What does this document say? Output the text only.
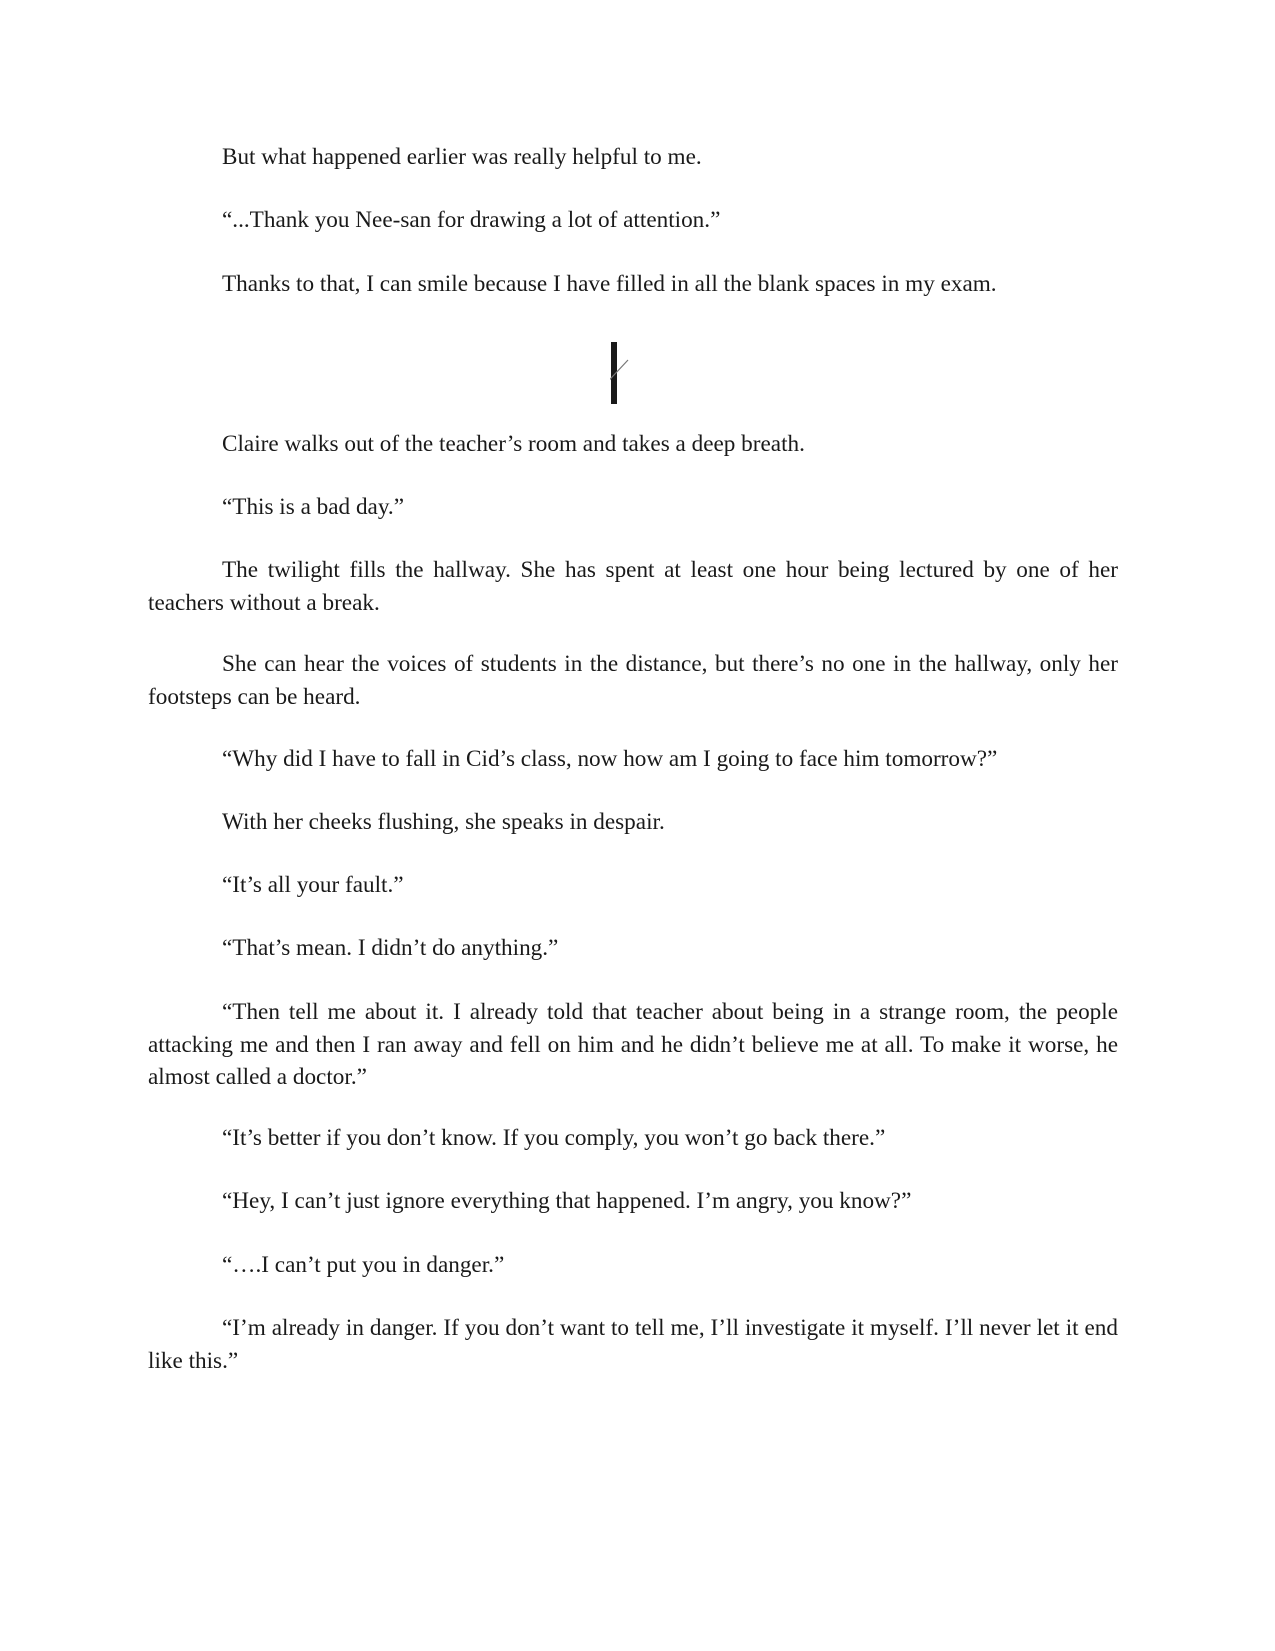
But what happened earlier was really helpful to me.

“...Thank you Nee-san for drawing a lot of attention.”

Thanks to that, I can smile because I have filled in all the blank spaces in my exam.

Claire walks out of the teacher’s room and takes a deep breath.

“This is a bad day.”

The twilight fills the hallway. She has spent at least one hour being lectured by one of her teachers without a break.

She can hear the voices of students in the distance, but there’s no one in the hallway, only her footsteps can be heard.

“Why did I have to fall in Cid’s class, now how am I going to face him tomorrow?”

With her cheeks flushing, she speaks in despair.

“It’s all your fault.”

“That’s mean. I didn’t do anything.”

“Then tell me about it. I already told that teacher about being in a strange room, the people attacking me and then I ran away and fell on him and he didn’t believe me at all. To make it worse, he almost called a doctor.”

“It’s better if you don’t know. If you comply, you won’t go back there.”

“Hey, I can’t just ignore everything that happened. I’m angry, you know?”

“….I can’t put you in danger.”

“I’m already in danger. If you don’t want to tell me, I’ll investigate it myself. I’ll never let it end like this.”
